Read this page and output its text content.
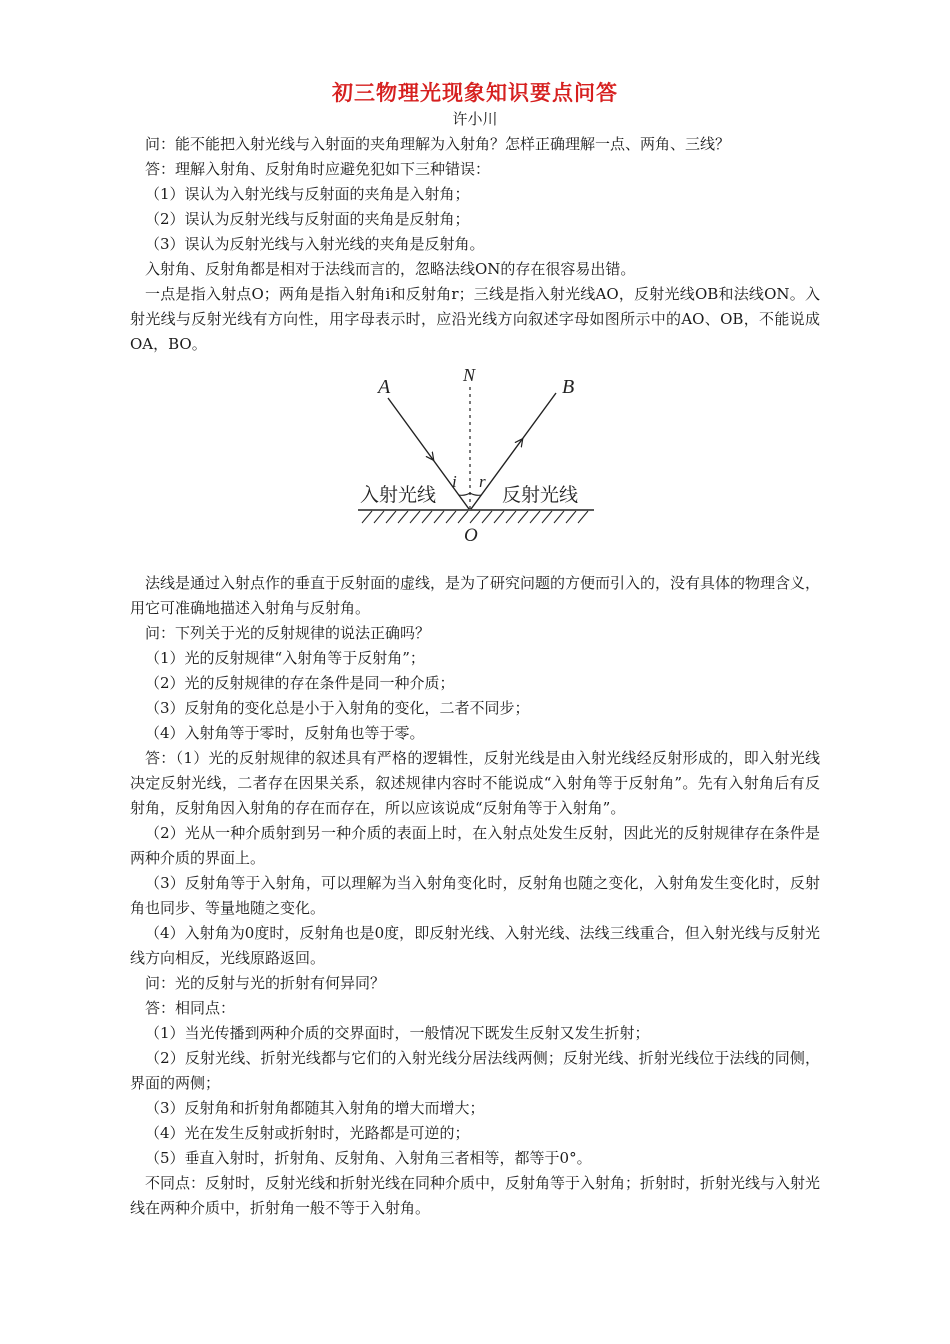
初三物理光现象知识要点问答
许小川

问：能不能把入射光线与入射面的夹角理解为入射角？怎样正确理解一点、两角、三线？

答：理解入射角、反射角时应避免犯如下三种错误：

（1）误认为入射光线与反射面的夹角是入射角；

（2）误认为反射光线与反射面的夹角是反射角；

（3）误认为反射光线与入射光线的夹角是反射角。

入射角、反射角都是相对于法线而言的，忽略法线ON的存在很容易出错。

一点是指入射点O；两角是指入射角i和反射角r；三线是指入射光线AO，反射光线OB和法线ON。入射光线与反射光线有方向性，用字母表示时，应沿光线方向叙述字母如图所示中的AO、OB，不能说成OA，BO。

A
N
B
i r
O
入射光线	反射光线

法线是通过入射点作的垂直于反射面的虚线，是为了研究问题的方便而引入的，没有具体的物理含义，用它可准确地描述入射角与反射角。

问：下列关于光的反射规律的说法正确吗？

（1）光的反射规律“入射角等于反射角”；

（2）光的反射规律的存在条件是同一种介质；

（3）反射角的变化总是小于入射角的变化，二者不同步；

（4）入射角等于零时，反射角也等于零。

答：（1）光的反射规律的叙述具有严格的逻辑性，反射光线是由入射光线经反射形成的，即入射光线决定反射光线，二者存在因果关系，叙述规律内容时不能说成“入射角等于反射角”。先有入射角后有反射角，反射角因入射角的存在而存在，所以应该说成“反射角等于入射角”。

（2）光从一种介质射到另一种介质的表面上时，在入射点处发生反射，因此光的反射规律存在条件是两种介质的界面上。

（3）反射角等于入射角，可以理解为当入射角变化时，反射角也随之变化，入射角发生变化时，反射角也同步、等量地随之变化。

（4）入射角为0度时，反射角也是0度，即反射光线、入射光线、法线三线重合，但入射光线与反射光线方向相反，光线原路返回。

问：光的反射与光的折射有何异同？

答：相同点：

（1）当光传播到两种介质的交界面时，一般情况下既发生反射又发生折射；

（2）反射光线、折射光线都与它们的入射光线分居法线两侧；反射光线、折射光线位于法线的同侧，界面的两侧；

（3）反射角和折射角都随其入射角的增大而增大；

（4）光在发生反射或折射时，光路都是可逆的；

（5）垂直入射时，折射角、反射角、入射角三者相等，都等于0°。

不同点：反射时，反射光线和折射光线在同种介质中，反射角等于入射角；折射时，折射光线与入射光线在两种介质中，折射角一般不等于入射角。
